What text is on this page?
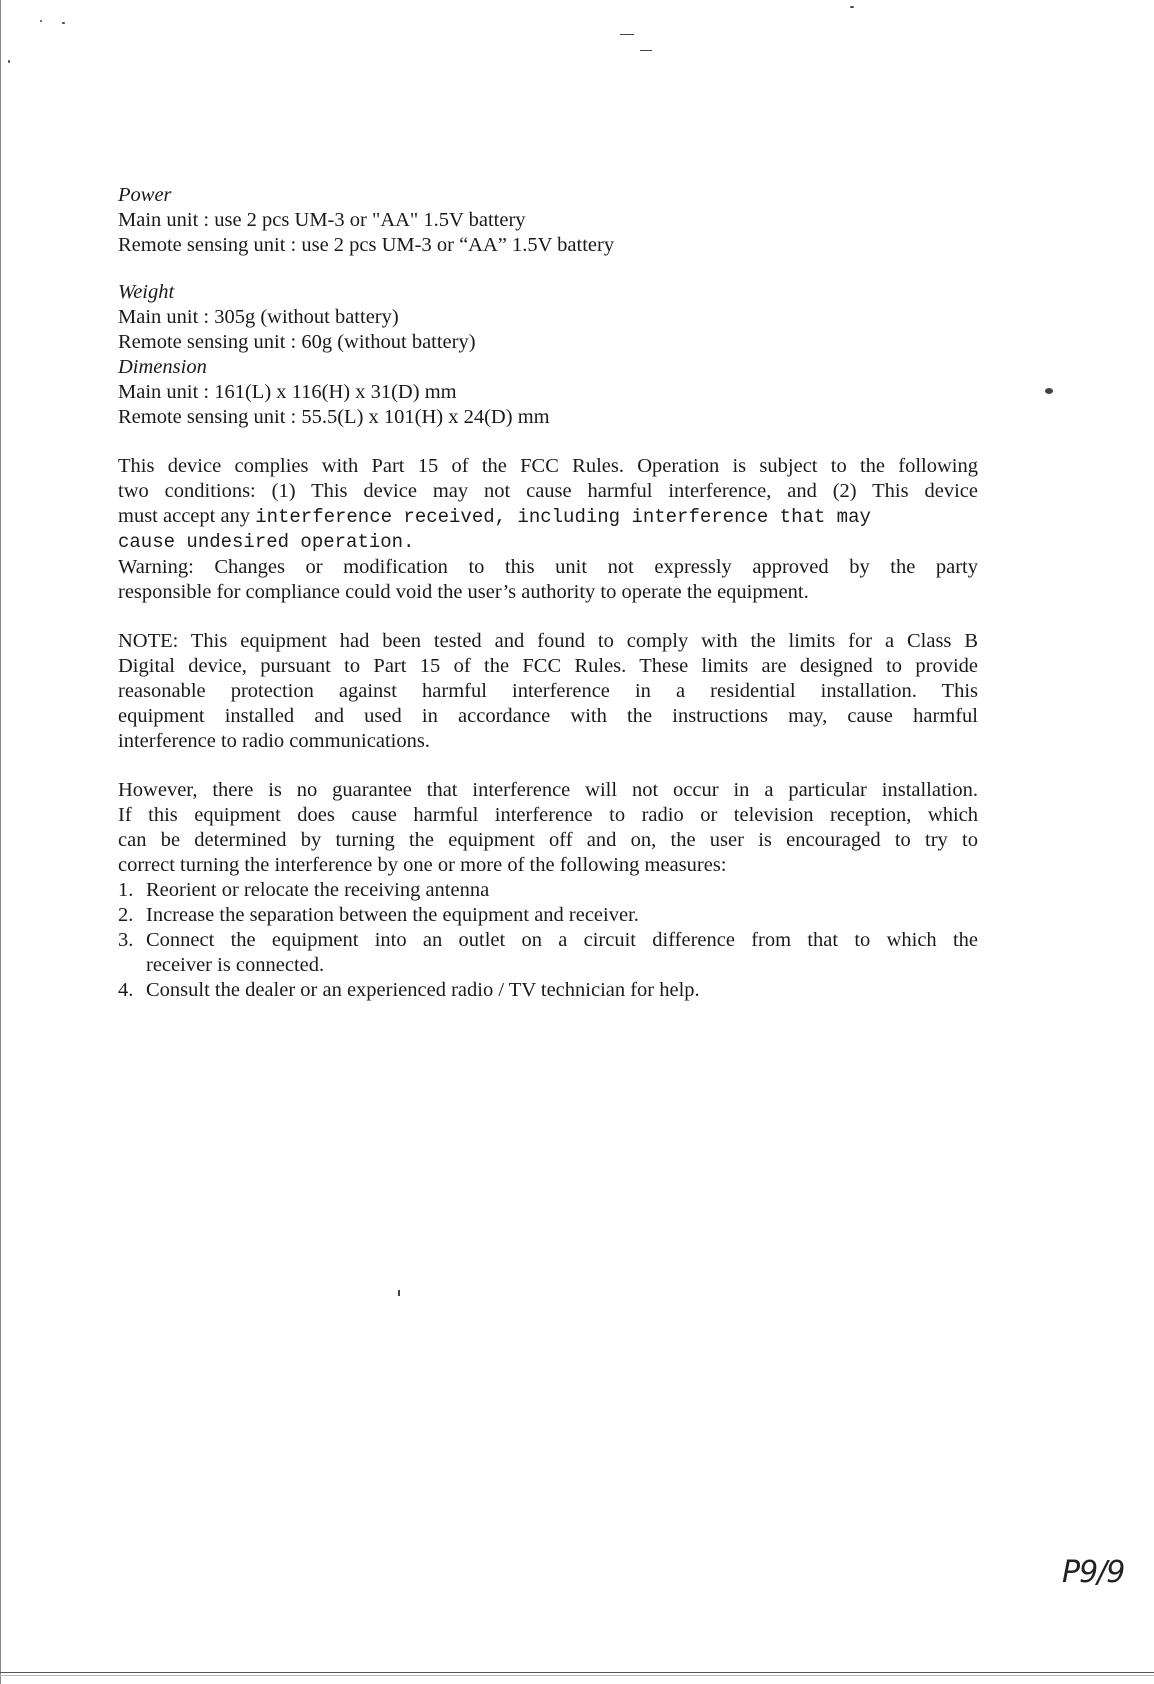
Power
Main unit : use 2 pcs UM-3 or "AA" 1.5V battery
Remote sensing unit : use 2 pcs UM-3 or “AA” 1.5V battery
Weight
Main unit : 305g (without battery)
Remote sensing unit : 60g (without battery)
Dimension
Main unit : 161(L) x 116(H) x 31(D) mm
Remote sensing unit : 55.5(L) x 101(H) x 24(D) mm
This device complies with Part 15 of the FCC Rules. Operation is subject to the following
two conditions: (1) This device may not cause harmful interference, and (2) This device
must accept any interference received, including interference that may
cause undesired operation.
Warning: Changes or modification to this unit not expressly approved by the party
responsible for compliance could void the user’s authority to operate the equipment.
NOTE: This equipment had been tested and found to comply with the limits for a Class B
Digital device, pursuant to Part 15 of the FCC Rules. These limits are designed to provide
reasonable protection against harmful interference in a residential installation. This
equipment installed and used in accordance with the instructions may, cause harmful
interference to radio communications.
However, there is no guarantee that interference will not occur in a particular installation.
If this equipment does cause harmful interference to radio or television reception, which
can be determined by turning the equipment off and on, the user is encouraged to try to
correct turning the interference by one or more of the following measures:
1. Reorient or relocate the receiving antenna
2. Increase the separation between the equipment and receiver.
3. Connect the equipment into an outlet on a circuit difference from that to which the
receiver is connected.
4. Consult the dealer or an experienced radio / TV technician for help.
P9/9
